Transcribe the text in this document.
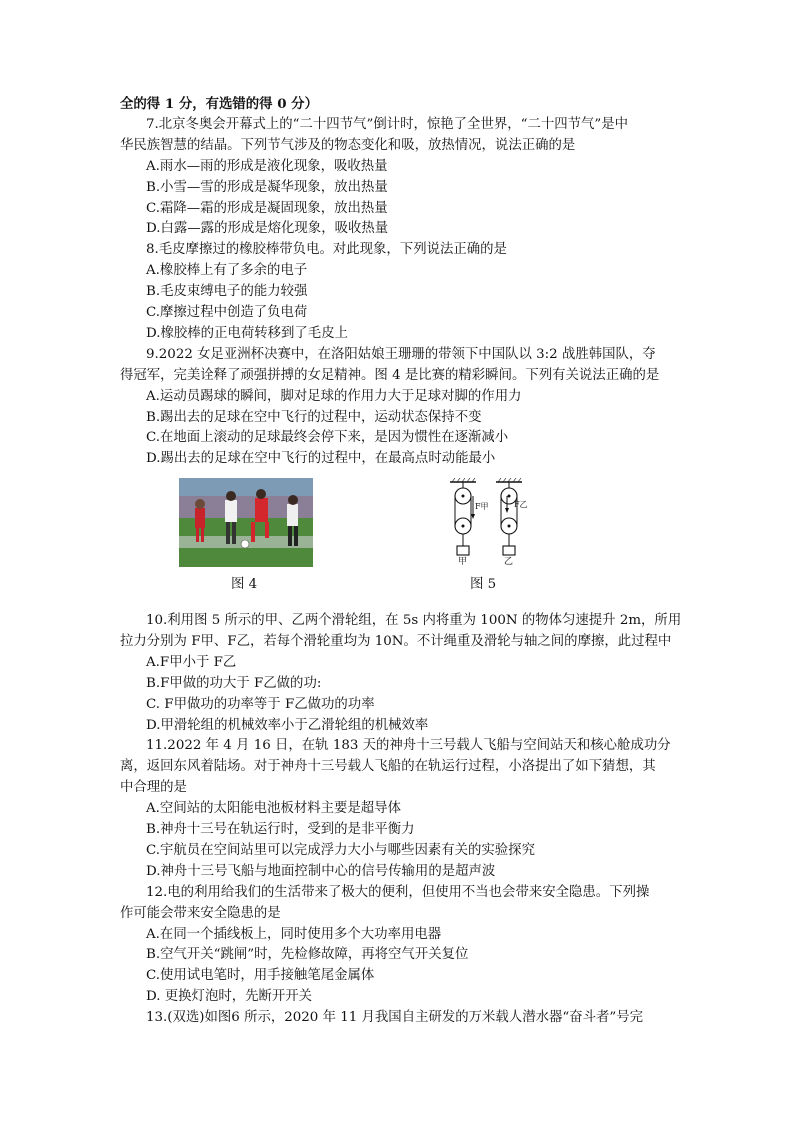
全的得 1 分，有选错的得 0 分）
7.北京冬奥会开幕式上的“二十四节气”倒计时，惊艳了全世界，“二十四节气”是中
华民族智慧的结晶。下列节气涉及的物态变化和吸，放热情况，说法正确的是
A.雨水—雨的形成是液化现象，吸收热量
B.小雪—雪的形成是凝华现象，放出热量
C.霜降—霜的形成是凝固现象，放出热量
D.白露—露的形成是熔化现象，吸收热量
8.毛皮摩擦过的橡胶棒带负电。对此现象，下列说法正确的是
A.橡胶棒上有了多余的电子
B.毛皮束缚电子的能力较强
C.摩擦过程中创造了负电荷
D.橡胶棒的正电荷转移到了毛皮上
9.2022 女足亚洲杯决赛中，在洛阳姑娘王珊珊的带领下中国队以 3:2 战胜韩国队，夺
得冠军，完美诠释了顽强拼搏的女足精神。图 4 是比赛的精彩瞬间。下列有关说法正确的是
A.运动员踢球的瞬间，脚对足球的作用力大于足球对脚的作用力
B.踢出去的足球在空中飞行的过程中，运动状态保持不变
C.在地面上滚动的足球最终会停下来，是因为惯性在逐渐减小
D.踢出去的足球在空中飞行的过程中，在最高点时动能最小
图 4
F甲	F乙
甲	乙
图 5
10.利用图 5 所示的甲、乙两个滑轮组，在 5s 内将重为 100N 的物体匀速提升 2m，所用
拉力分别为 F甲、F乙，若每个滑轮重均为 10N。不计绳重及滑轮与轴之间的摩擦，此过程中
A.F甲小于 F乙
B.F甲做的功大于 F乙做的功:
C. F甲做功的功率等于 F乙做功的功率
D.甲滑轮组的机械效率小于乙滑轮组的机械效率
11.2022 年 4 月 16 日，在轨 183 天的神舟十三号载人飞船与空间站天和核心舱成功分
离，返回东风着陆场。对于神舟十三号载人飞船的在轨运行过程，小洛提出了如下猜想，其
中合理的是
A.空间站的太阳能电池板材料主要是超导体
B.神舟十三号在轨运行时，受到的是非平衡力
C.宇航员在空间站里可以完成浮力大小与哪些因素有关的实验探究
D.神舟十三号飞船与地面控制中心的信号传输用的是超声波
12.电的利用给我们的生活带来了极大的便利，但使用不当也会带来安全隐患。下列操
作可能会带来安全隐患的是
A.在同一个插线板上，同时使用多个大功率用电器
B.空气开关“跳闸”时，先检修故障，再将空气开关复位
C.使用试电笔时，用手接触笔尾金属体
D. 更换灯泡时，先断开开关
13.(双选)如图6 所示，2020 年 11 月我国自主研发的万米载人潜水器“奋斗者”号完
